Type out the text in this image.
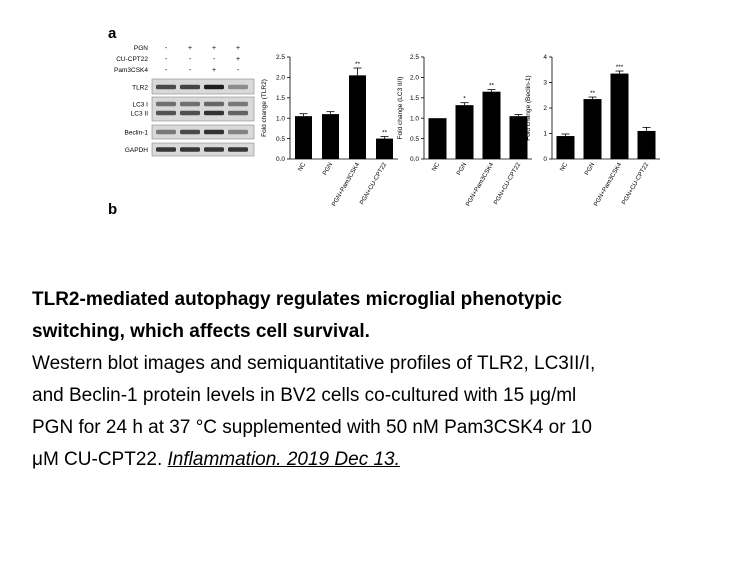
a
b
PGN -	+	+	+
CU-CPT22 -	-	-	+
Pam3CSK4 -	-	+	-
TLR2
LC3 I
LC3 II
Beclin-1
GAPDH
0.0
0.5
1.0
1.5
2.0
2.5
Fold change (TLR2)
NC PGN
**
PGN+Pam3CSK4
**
PGN+CU-CPT22
0.0
0.5
1.0
1.5
2.0
2.5
Fold change (LC3 II/I)
NC
*
PGN
**
PGN+Pam3CSK4
PGN+CU-CPT22
0
1
2
3
4
Fold change (Beclin-1)
NC
**
PGN
***
PGN+Pam3CSK4
PGN+CU-CPT22

TLR2-mediated autophagy regulates microglial phenotypic
switching, which affects cell survival.

Western blot images and semiquantitative profiles of TLR2, LC3II/I,
and Beclin-1 protein levels in BV2 cells co-cultured with 15 μg/ml
PGN for 24 h at 37 °C supplemented with 50 nM Pam3CSK4 or 10
μM CU-CPT22. Inflammation. 2019 Dec 13.
